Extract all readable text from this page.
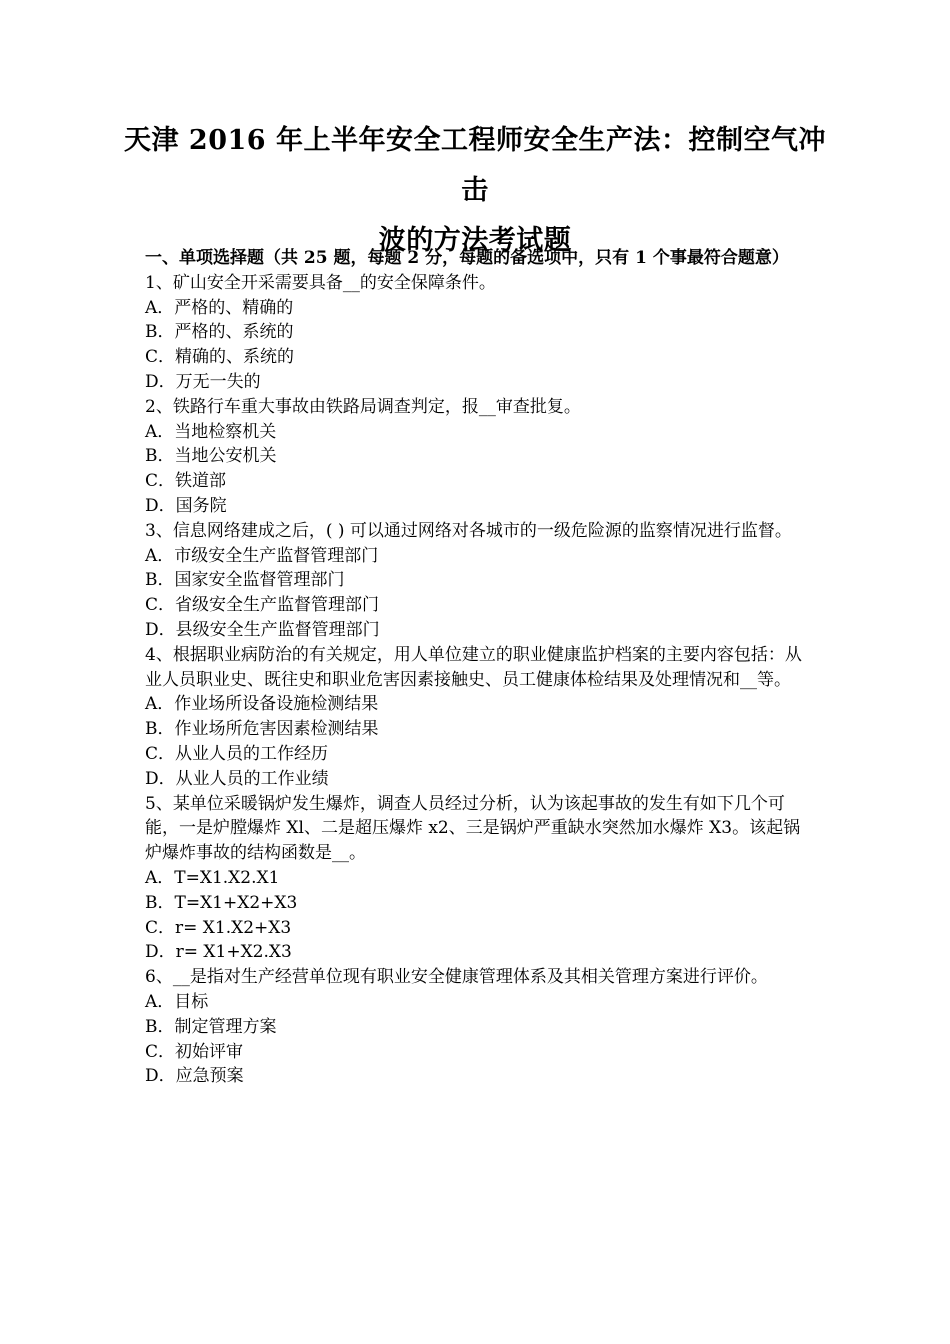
天津 2016 年上半年安全工程师安全生产法：控制空气冲击
波的方法考试题

一、单项选择题（共 25 题，每题 2 分，每题的备选项中，只有 1 个事最符合题意）

1、矿山安全开采需要具备__的安全保障条件。

A．严格的、精确的

B．严格的、系统的

C．精确的、系统的

D．万无一失的

2、铁路行车重大事故由铁路局调查判定，报__审查批复。

A．当地检察机关

B．当地公安机关

C．铁道部

D．国务院

3、信息网络建成之后，( ) 可以通过网络对各城市的一级危险源的监察情况进行监督。

A．市级安全生产监督管理部门

B．国家安全监督管理部门

C．省级安全生产监督管理部门

D．县级安全生产监督管理部门

4、根据职业病防治的有关规定，用人单位建立的职业健康监护档案的主要内容包括：从业人员职业史、既往史和职业危害因素接触史、员工健康体检结果及处理情况和__等。

A．作业场所设备设施检测结果

B．作业场所危害因素检测结果

C．从业人员的工作经历

D．从业人员的工作业绩

5、某单位采暖锅炉发生爆炸，调查人员经过分析，认为该起事故的发生有如下几个可能，一是炉膛爆炸 Xl、二是超压爆炸 x2、三是锅炉严重缺水突然加水爆炸 X3。该起锅炉爆炸事故的结构函数是__。

A．T=X1.X2.X1

B．T=X1+X2+X3

C．r= X1.X2+X3

D．r= X1+X2.X3

6、__是指对生产经营单位现有职业安全健康管理体系及其相关管理方案进行评价。

A．目标

B．制定管理方案

C．初始评审

D．应急预案
